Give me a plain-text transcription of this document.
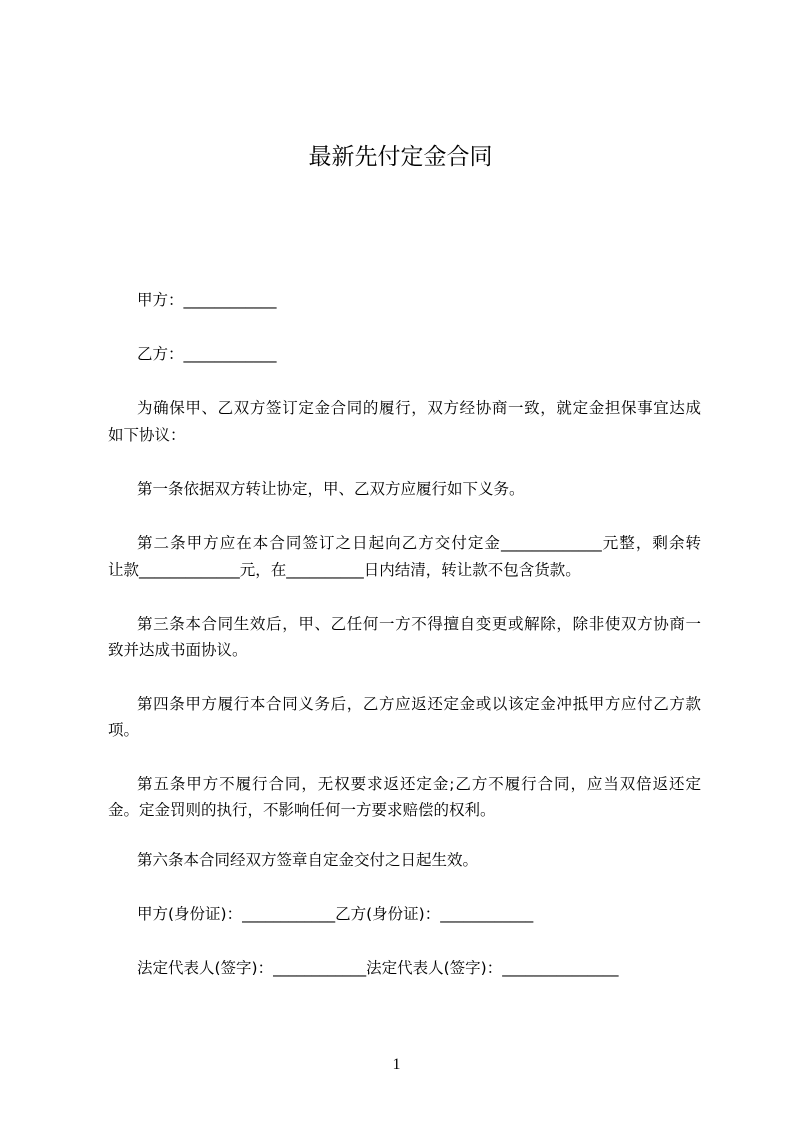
最新先付定金合同
甲方：____________
乙方：____________
为确保甲、乙双方签订定金合同的履行，双方经协商一致，就定金担保事宜达成
如下协议：
第一条依据双方转让协定，甲、乙双方应履行如下义务。
第二条甲方应在本合同签订之日起向乙方交付定金_____________元整，剩余转
让款_____________元，在__________日内结清，转让款不包含货款。
第三条本合同生效后，甲、乙任何一方不得擅自变更或解除，除非使双方协商一
致并达成书面协议。
第四条甲方履行本合同义务后，乙方应返还定金或以该定金冲抵甲方应付乙方款
项。
第五条甲方不履行合同，无权要求返还定金;乙方不履行合同，应当双倍返还定
金。定金罚则的执行，不影响任何一方要求赔偿的权利。
第六条本合同经双方签章自定金交付之日起生效。
甲方(身份证)：____________乙方(身份证)：____________
法定代表人(签字)：____________法定代表人(签字)：_______________
1
